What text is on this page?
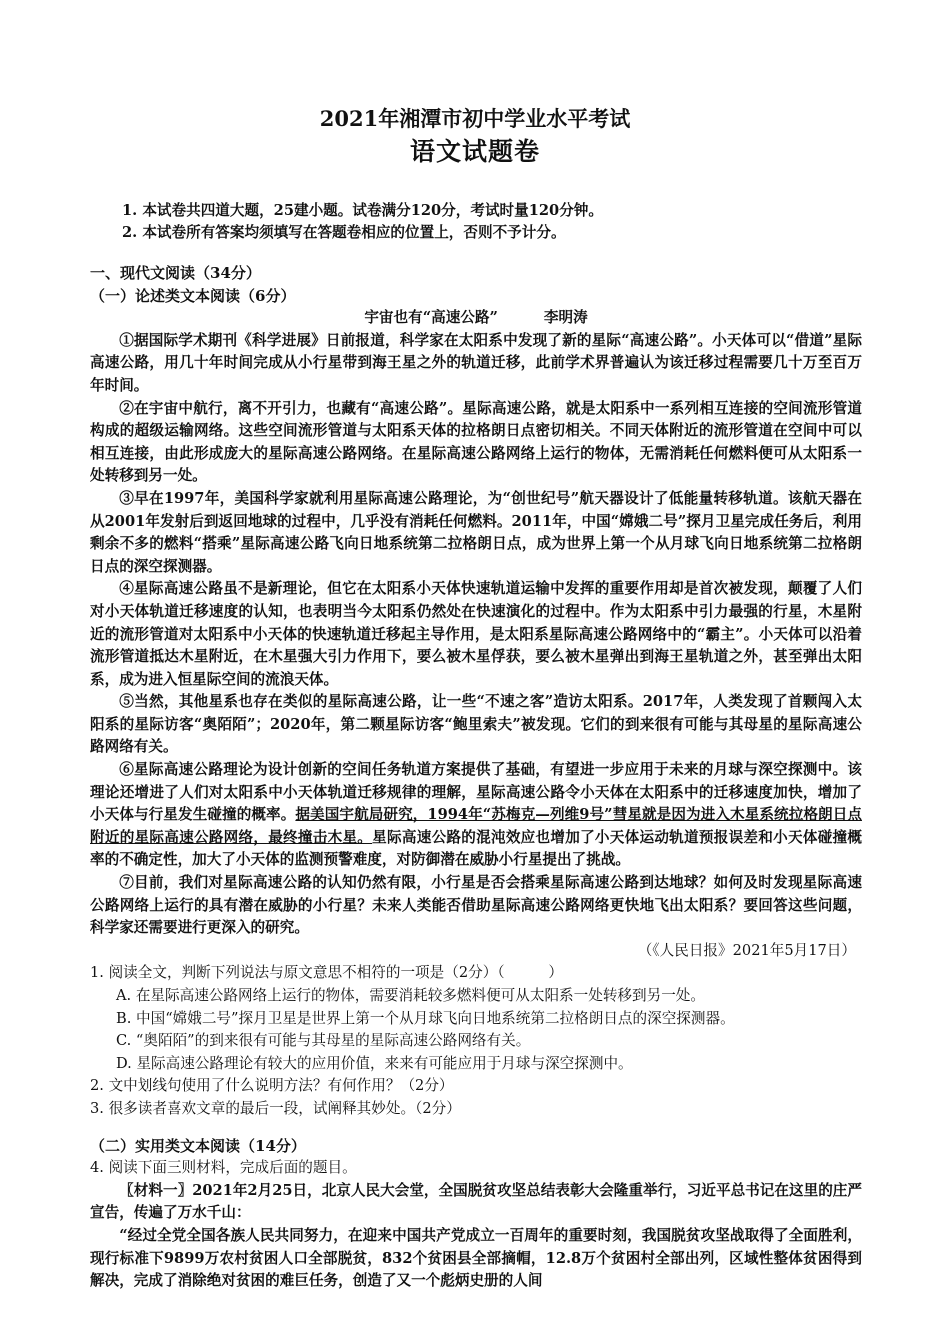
2021年湘潭市初中学业水平考试
语文试题卷
1. 本试卷共四道大题，25建小题。试卷满分120分，考试时量120分钟。
2. 本试卷所有答案均须填写在答题卷相应的位置上，否则不予计分。
一、现代文阅读（34分）
（一）论述类文本阅读（6分）
宇宙也有“高速公路”	李明涛
①据国际学术期刊《科学进展》日前报道，科学家在太阳系中发现了新的星际“高速公路”。小天体可以“借道”星际高速公路，用几十年时间完成从小行星带到海王星之外的轨道迁移，此前学术界普遍认为该迁移过程需要几十万至百万年时间。
②在宇宙中航行，离不开引力，也藏有“高速公路”。星际高速公路，就是太阳系中一系列相互连接的空间流形管道构成的超级运输网络。这些空间流形管道与太阳系天体的拉格朗日点密切相关。不同天体附近的流形管道在空间中可以相互连接，由此形成庞大的星际高速公路网络。在星际高速公路网络上运行的物体，无需消耗任何燃料便可从太阳系一处转移到另一处。
③早在1997年，美国科学家就利用星际高速公路理论，为“创世纪号”航天器设计了低能量转移轨道。该航天器在从2001年发射后到返回地球的过程中，几乎没有消耗任何燃料。2011年，中国“嫦娥二号”探月卫星完成任务后，利用剩余不多的燃料“搭乘”星际高速公路飞向日地系统第二拉格朗日点，成为世界上第一个从月球飞向日地系统第二拉格朗日点的深空探测器。
④星际高速公路虽不是新理论，但它在太阳系小天体快速轨道运输中发挥的重要作用却是首次被发现，颠覆了人们对小天体轨道迁移速度的认知，也表明当今太阳系仍然处在快速演化的过程中。作为太阳系中引力最强的行星，木星附近的流形管道对太阳系中小天体的快速轨道迁移起主导作用，是太阳系星际高速公路网络中的“霸主”。小天体可以沿着流形管道抵达木星附近，在木星强大引力作用下，要么被木星俘获，要么被木星弹出到海王星轨道之外，甚至弹出太阳系，成为进入恒星际空间的流浪天体。
⑤当然，其他星系也存在类似的星际高速公路，让一些“不速之客”造访太阳系。2017年，人类发现了首颗闯入太阳系的星际访客“奥陌陌”；2020年，第二颗星际访客“鲍里索夫”被发现。它们的到来很有可能与其母星的星际高速公路网络有关。
⑥星际高速公路理论为设计创新的空间任务轨道方案提供了基础，有望进一步应用于未来的月球与深空探测中。该理论还增进了人们对太阳系中小天体轨道迁移规律的理解，星际高速公路令小天体在太阳系中的迁移速度加快，增加了小天体与行星发生碰撞的概率。据美国宇航局研究，1994年“苏梅克—列维9号”彗星就是因为进入木星系统拉格朗日点附近的星际高速公路网络，最终撞击木星。星际高速公路的混沌效应也增加了小天体运动轨道预报误差和小天体碰撞概率的不确定性，加大了小天体的监测预警难度，对防御潜在威胁小行星提出了挑战。
⑦目前，我们对星际高速公路的认知仍然有限，小行星是否会搭乘星际高速公路到达地球？如何及时发现星际高速公路网络上运行的具有潜在威胁的小行星？未来人类能否借助星际高速公路网络更快地飞出太阳系？要回答这些问题，科学家还需要进行更深入的研究。
（《人民日报》2021年5月17日）
1. 阅读全文，判断下列说法与原文意思不相符的一项是（2分）（　　　）
A. 在星际高速公路网络上运行的物体，需要消耗较多燃料便可从太阳系一处转移到另一处。
B. 中国“嫦娥二号”探月卫星是世界上第一个从月球飞向日地系统第二拉格朗日点的深空探测器。
C. “奥陌陌”的到来很有可能与其母星的星际高速公路网络有关。
D. 星际高速公路理论有较大的应用价值，来来有可能应用于月球与深空探测中。
2. 文中划线句使用了什么说明方法？有何作用？（2分）
3. 很多读者喜欢文章的最后一段，试阐释其妙处。（2分）
（二）实用类文本阅读（14分）
4. 阅读下面三则材料，完成后面的题目。
〖材料一〗2021年2月25日，北京人民大会堂，全国脱贫攻坚总结表彰大会隆重举行，习近平总书记在这里的庄严宣告，传遍了万水千山：
“经过全党全国各族人民共同努力，在迎来中国共产党成立一百周年的重要时刻，我国脱贫攻坚战取得了全面胜利，现行标准下9899万农村贫困人口全部脱贫，832个贫困县全部摘帽，12.8万个贫困村全部出列，区域性整体贫困得到解决，完成了消除绝对贫困的难巨任务，创造了又一个彪炳史册的人间
